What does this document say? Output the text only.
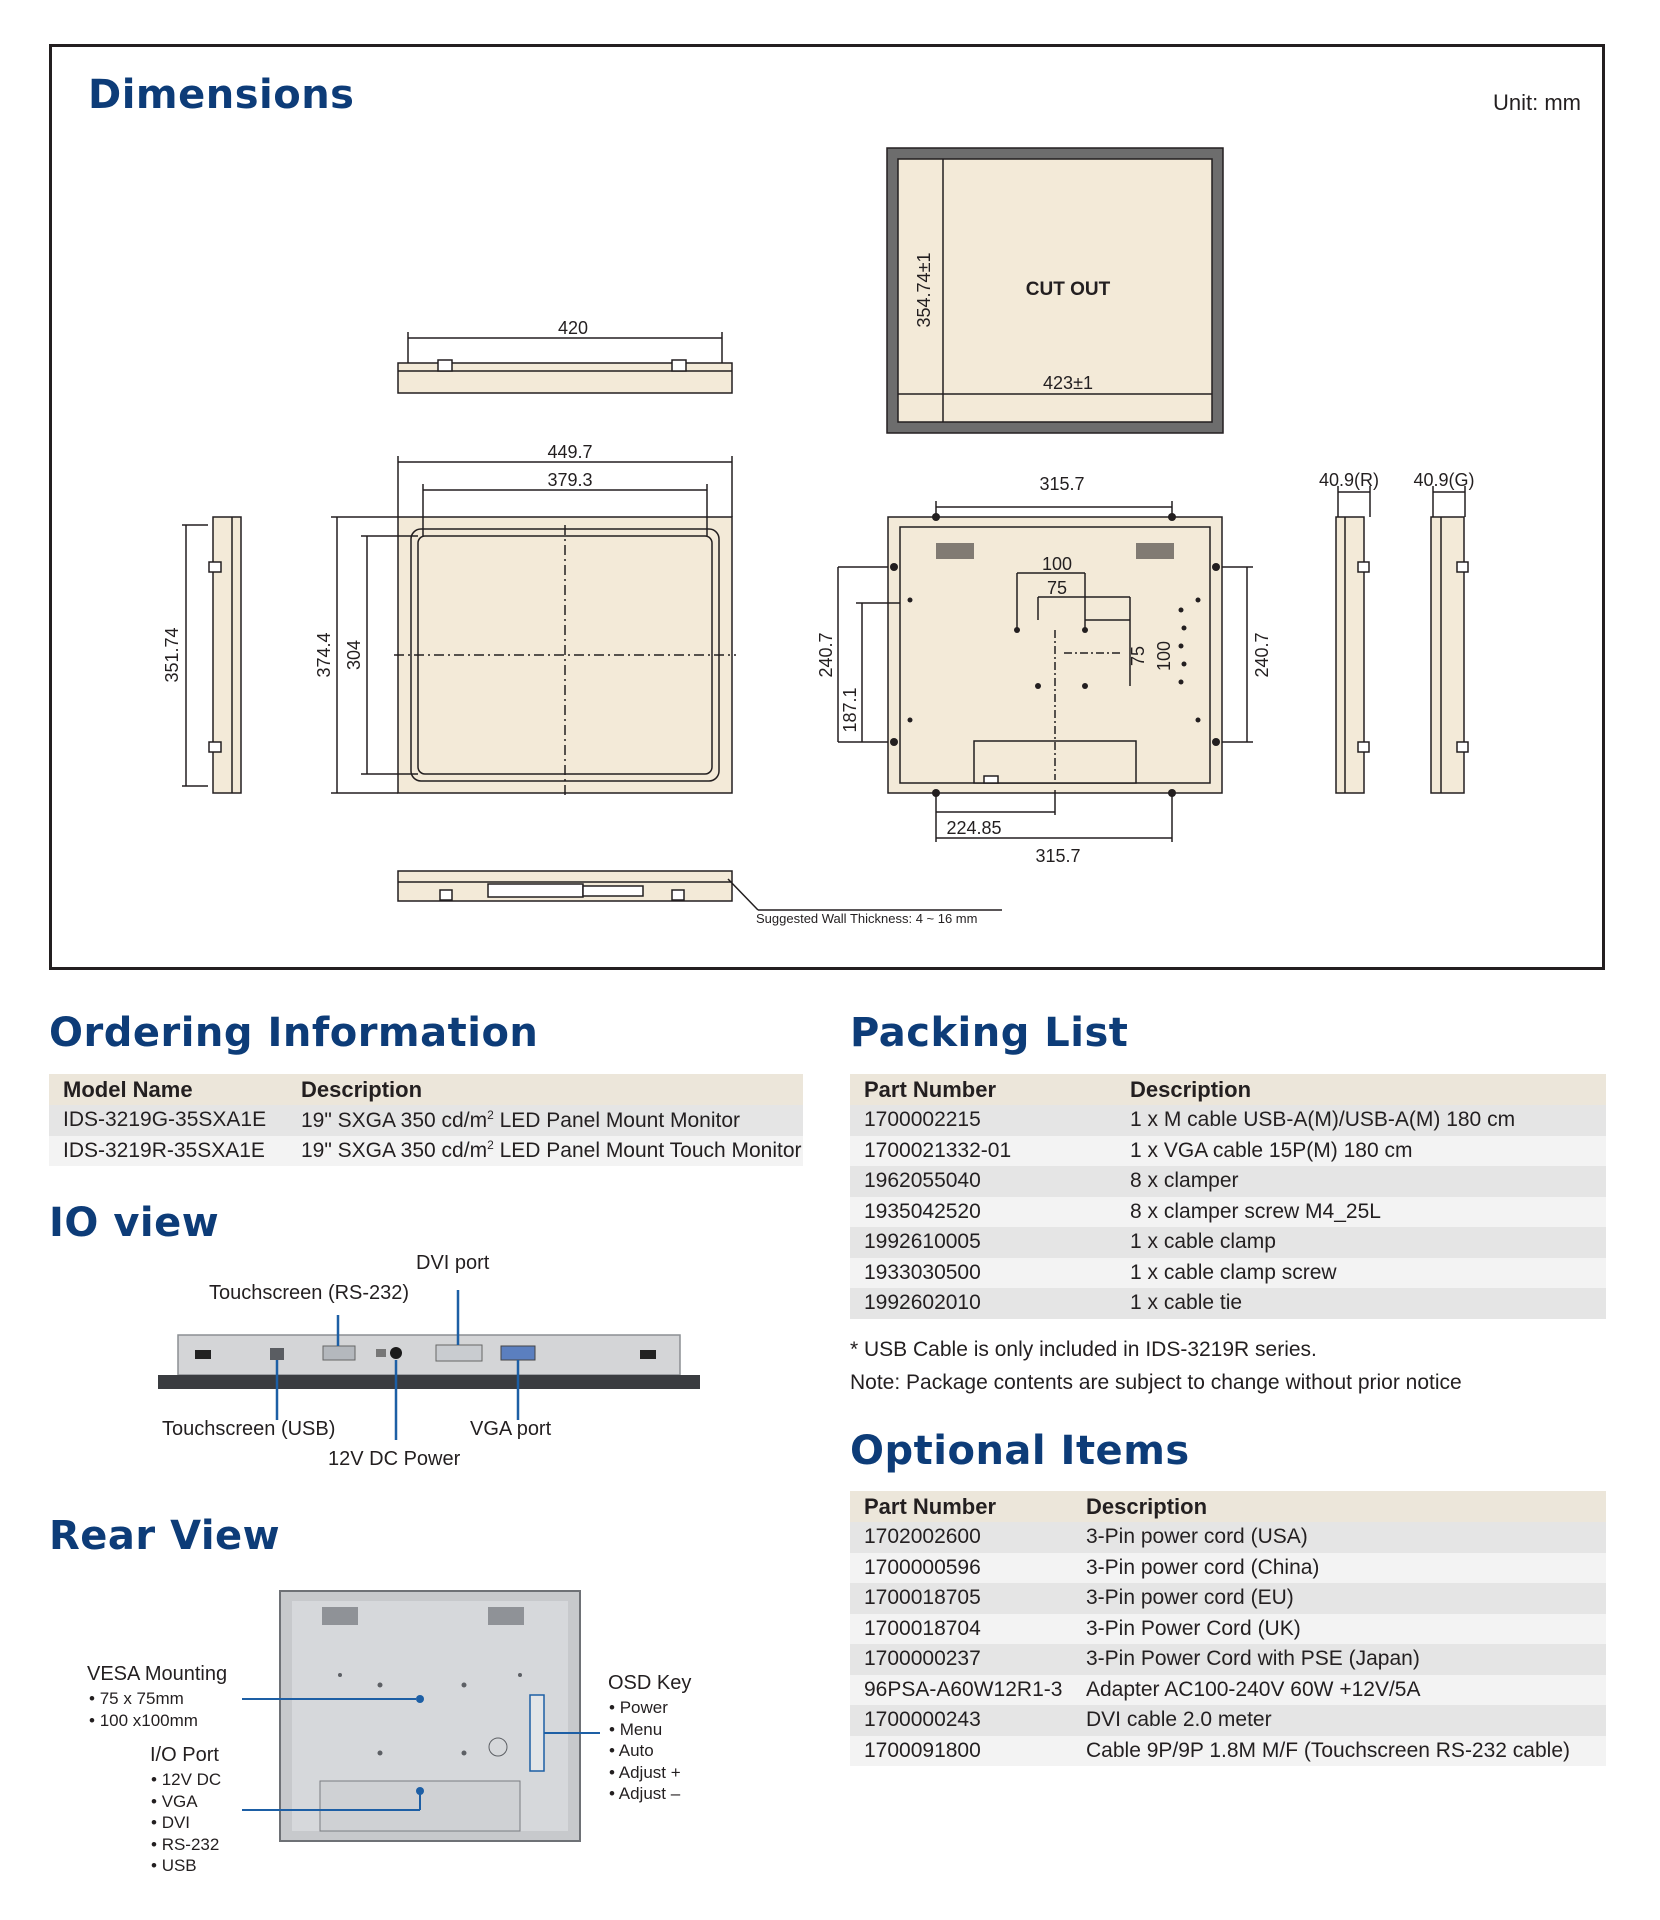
Dimensions	Unit: mm
420
354.74±1	CUT OUT
423±1
449.7
379.3
351.74	374.4 304
315.7
100
75
75 100
240.7
187.1
240.7
224.85
315.7
40.9(R) 40.9(G)
Suggested Wall Thickness: 4 ~ 16 mm
Ordering Information
Model Name	Description
IDS-3219G-35SXA1E	19" SXGA 350 $cd/m^2$ LED Panel Mount Monitor
IDS-3219R-35SXA1E	19" SXGA 350 $cd/m^2$ LED Panel Mount Touch Monitor
IO view
DVI port
Touchscreen (RS-232)
Touchscreen (USB)	VGA port
12V DC Power
Rear View
VESA Mounting
• 75 x 75mm
• 100 x100mm
I/O Port
• 12V DC
• VGA
• DVI
• RS-232
• USB
OSD Key
• Power
• Menu
• Auto
• Adjust +
• Adjust –
Packing List
Part Number	Description
1700002215	1 x M cable USB-A(M)/USB-A(M) 180 cm
1700021332-01	1 x VGA cable 15P(M) 180 cm
1962055040	8 x clamper
1935042520	8 x clamper screw M4_25L
1992610005	1 x cable clamp
1933030500	1 x cable clamp screw
1992602010	1 x cable tie
* USB Cable is only included in IDS-3219R series.
Note: Package contents are subject to change without prior notice
Optional Items
Part Number	Description
1702002600	3-Pin power cord (USA)
1700000596	3-Pin power cord (China)
1700018705	3-Pin power cord (EU)
1700018704	3-Pin Power Cord (UK)
1700000237	3-Pin Power Cord with PSE (Japan)
96PSA-A60W12R1-3	Adapter AC100-240V 60W +12V/5A
1700000243	DVI cable 2.0 meter
1700091800	Cable 9P/9P 1.8M M/F (Touchscreen RS-232 cable)
